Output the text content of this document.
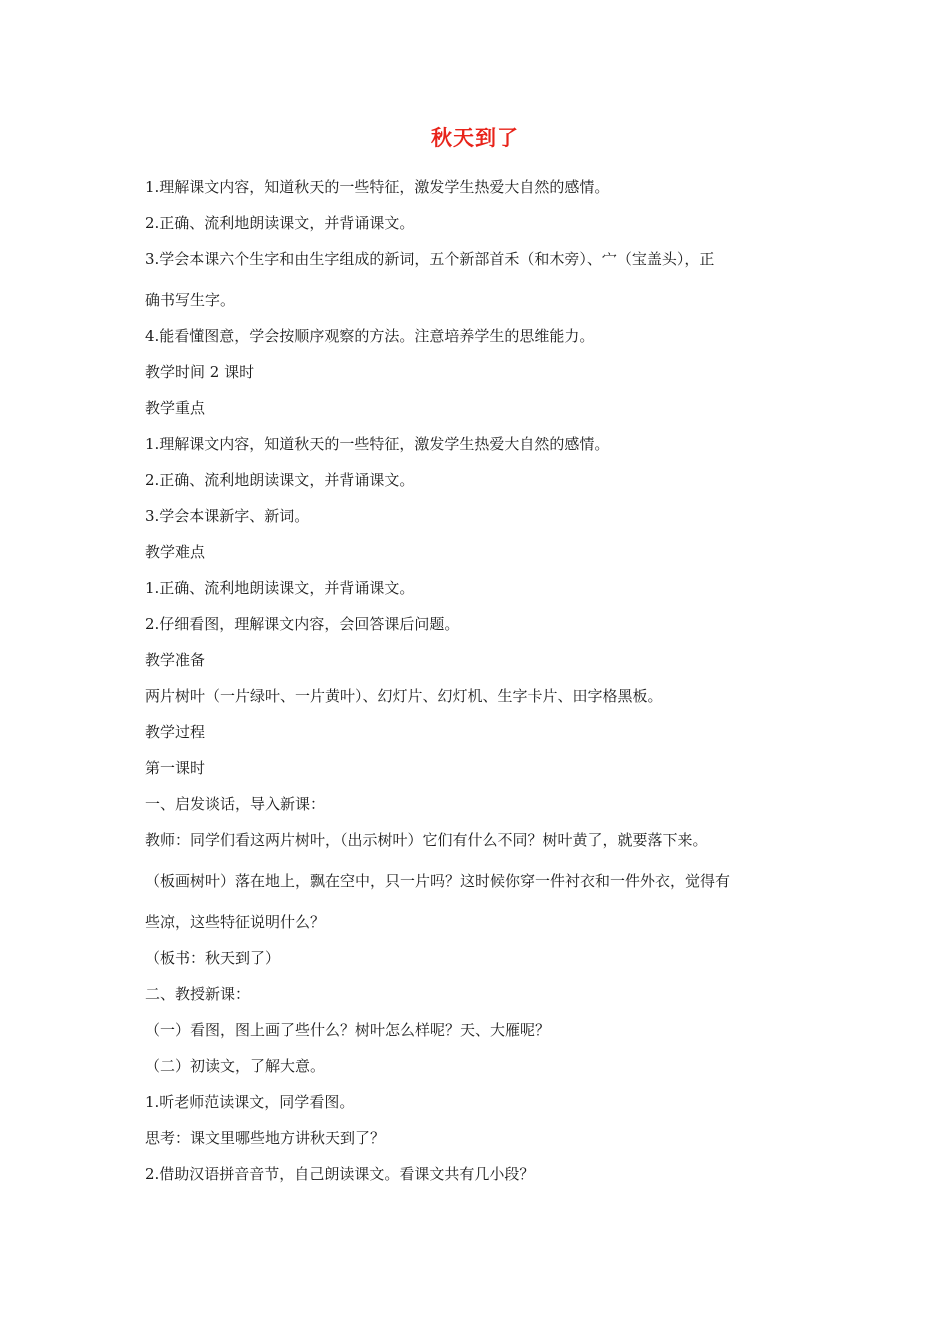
秋天到了
1.理解课文内容，知道秋天的一些特征，激发学生热爱大自然的感情。
2.正确、流利地朗读课文，并背诵课文。
3.学会本课六个生字和由生字组成的新词，五个新部首禾（和木旁）、宀（宝盖头），正
确书写生字。
4.能看懂图意，学会按顺序观察的方法。注意培养学生的思维能力。
教学时间 2 课时
教学重点
1.理解课文内容，知道秋天的一些特征，激发学生热爱大自然的感情。
2.正确、流利地朗读课文，并背诵课文。
3.学会本课新字、新词。
教学难点
1.正确、流利地朗读课文，并背诵课文。
2.仔细看图，理解课文内容，会回答课后问题。
教学准备
两片树叶（一片绿叶、一片黄叶）、幻灯片、幻灯机、生字卡片、田字格黑板。
教学过程
第一课时
一、启发谈话，导入新课：
教师：同学们看这两片树叶，（出示树叶）它们有什么不同？树叶黄了，就要落下来。
（板画树叶）落在地上，飘在空中，只一片吗？这时候你穿一件衬衣和一件外衣，觉得有
些凉，这些特征说明什么？
（板书：秋天到了）
二、教授新课：
（一）看图，图上画了些什么？树叶怎么样呢？天、大雁呢？
（二）初读文，了解大意。
1.听老师范读课文，同学看图。
思考：课文里哪些地方讲秋天到了？
2.借助汉语拼音音节，自己朗读课文。看课文共有几小段？
